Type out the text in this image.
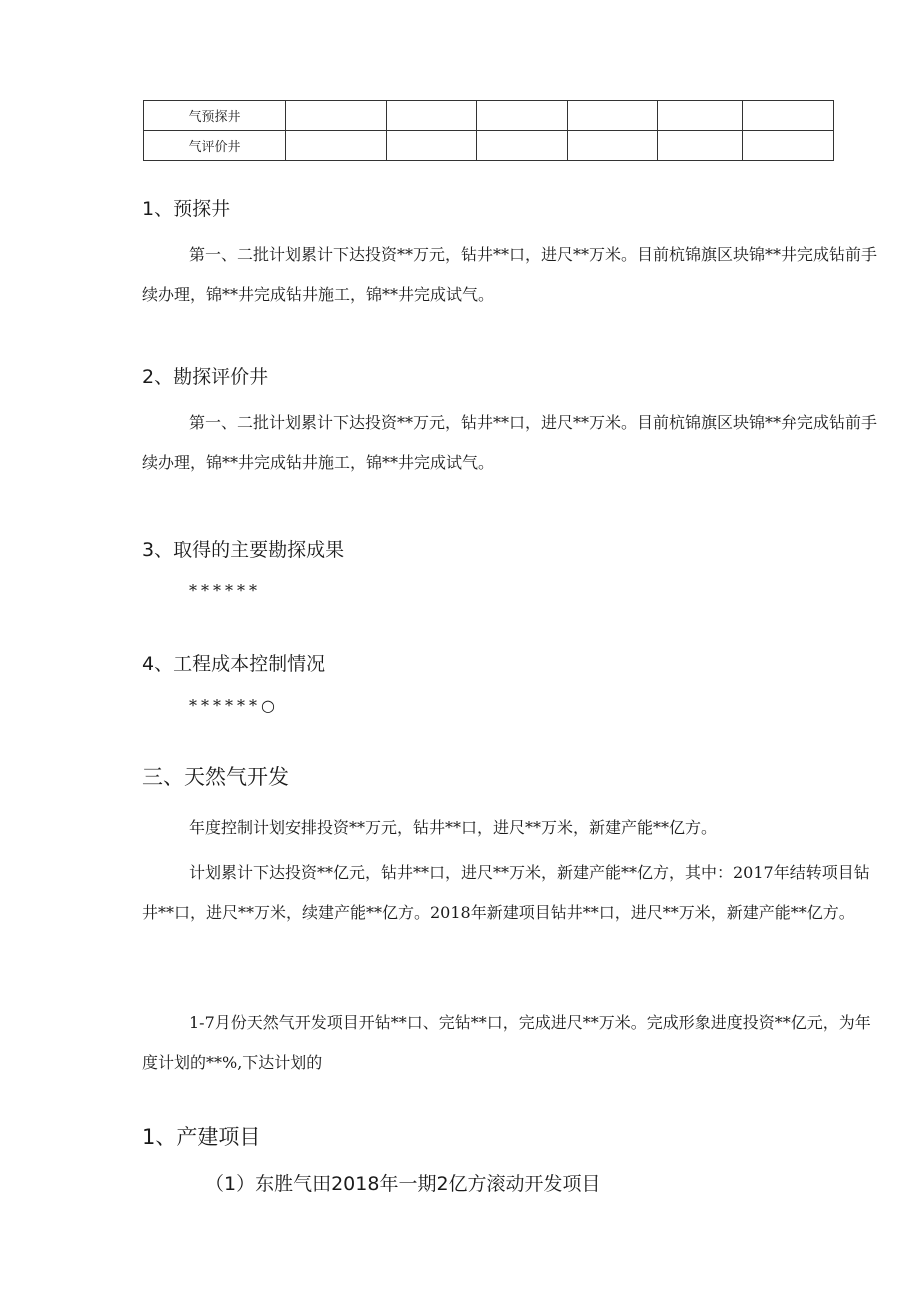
气预探井						
气评价井						
1、预探井

第一、二批计划累计下达投资**万元，钻井**口，进尺**万米。目前杭锦旗区块锦**井完成钻前手续办理，锦**井完成钻井施工，锦**井完成试气。

2、勘探评价井

第一、二批计划累计下达投资**万元，钻井**口，进尺**万米。目前杭锦旗区块锦**弁完成钻前手续办理，锦**井完成钻井施工，锦**井完成试气。

3、取得的主要勘探成果

******

4、工程成本控制情况

******○

三、天然气开发

年度控制计划安排投资**万元，钻井**口，进尺**万米，新建产能**亿方。

计划累计下达投资**亿元，钻井**口，进尺**万米，新建产能**亿方，其中：2017年结转项目钻井**口，进尺**万米，续建产能**亿方。2018年新建项目钻井**口，进尺**万米，新建产能**亿方。

1-7月份天然气开发项目开钻**口、完钻**口，完成进尺**万米。完成形象进度投资**亿元，为年度计划的**%,下达计划的

1、产建项目
（1）东胜气田2018年一期2亿方滚动开发项目
